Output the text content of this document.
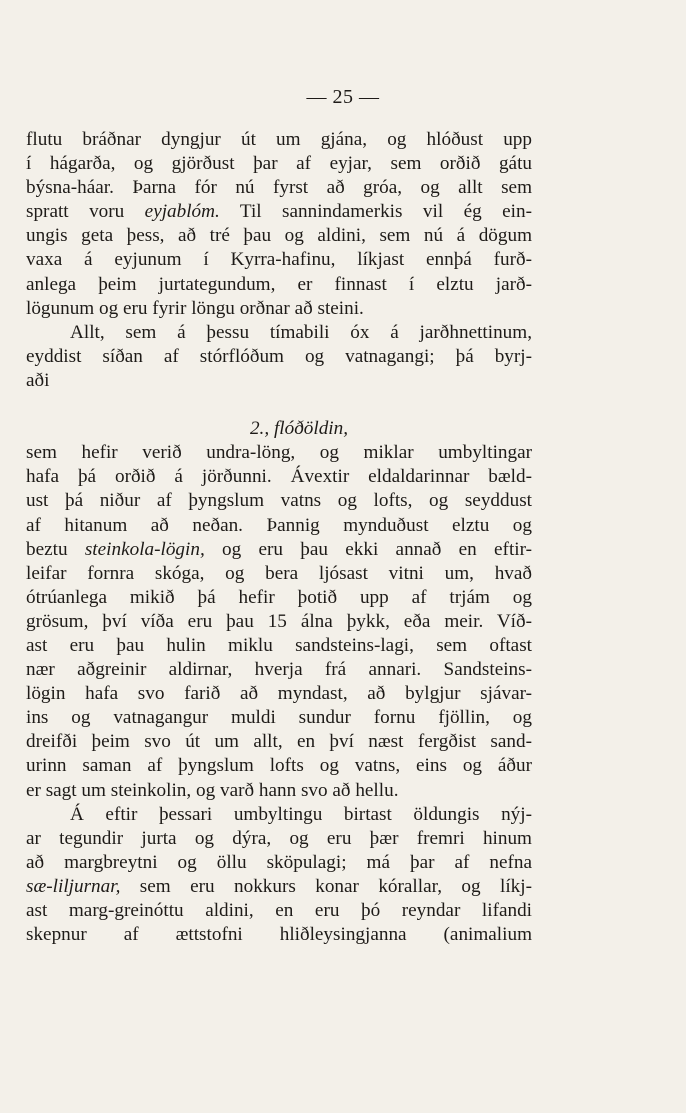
— 25 —
flutu bráðnar dyngjur út um gjána, og hlóðust upp
í hágarða, og gjörðust þar af eyjar, sem orðið gátu
býsna-háar. Þarna fór nú fyrst að gróa, og allt sem
spratt voru eyjablóm. Til sannindamerkis vil ég ein-
ungis geta þess, að tré þau og aldini, sem nú á dögum
vaxa á eyjunum í Kyrra-hafinu, líkjast ennþá furð-
anlega þeim jurtategundum, er finnast í elztu jarð-
lögunum og eru fyrir löngu orðnar að steini.
Allt, sem á þessu tímabili óx á jarðhnettinum,
eyddist síðan af stórflóðum og vatnagangi; þá byrj-
aði
2., flóðöldin,
sem hefir verið undra-löng, og miklar umbyltingar
hafa þá orðið á jörðunni. Ávextir eldaldarinnar bæld-
ust þá niður af þyngslum vatns og lofts, og seyddust
af hitanum að neðan. Þannig mynduðust elztu og
beztu steinkola-lögin, og eru þau ekki annað en eftir-
leifar fornra skóga, og bera ljósast vitni um, hvað
ótrúanlega mikið þá hefir þotið upp af trjám og
grösum, því víða eru þau 15 álna þykk, eða meir. Víð-
ast eru þau hulin miklu sandsteins-lagi, sem oftast
nær aðgreinir aldirnar, hverja frá annari. Sandsteins-
lögin hafa svo farið að myndast, að bylgjur sjávar-
ins og vatnagangur muldi sundur fornu fjöllin, og
dreifði þeim svo út um allt, en því næst fergðist sand-
urinn saman af þyngslum lofts og vatns, eins og áður
er sagt um steinkolin, og varð hann svo að hellu.
Á eftir þessari umbyltingu birtast öldungis nýj-
ar tegundir jurta og dýra, og eru þær fremri hinum
að margbreytni og öllu sköpulagi; má þar af nefna
sæ-liljurnar, sem eru nokkurs konar kórallar, og líkj-
ast marg-greinóttu aldini, en eru þó reyndar lifandi
skepnur af ættstofni hliðleysingjanna (animalium
